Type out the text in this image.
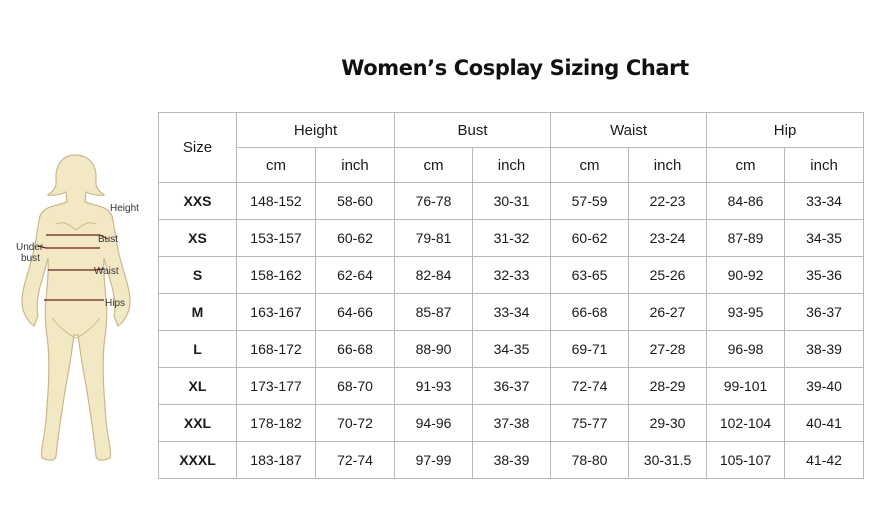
Women’s Cosplay Sizing Chart
Height
Bust
Under
bust
Waist
Hips
Size	Height		Bust		Waist		Hip	
	cm	inch	cm	inch	cm	inch	cm	inch
XXS	148-152	58-60	76-78	30-31	57-59	22-23	84-86	33-34
XS	153-157	60-62	79-81	31-32	60-62	23-24	87-89	34-35
S	158-162	62-64	82-84	32-33	63-65	25-26	90-92	35-36
M	163-167	64-66	85-87	33-34	66-68	26-27	93-95	36-37
L	168-172	66-68	88-90	34-35	69-71	27-28	96-98	38-39
XL	173-177	68-70	91-93	36-37	72-74	28-29	99-101	39-40
XXL	178-182	70-72	94-96	37-38	75-77	29-30	102-104	40-41
XXXL	183-187	72-74	97-99	38-39	78-80	30-31.5	105-107	41-42
